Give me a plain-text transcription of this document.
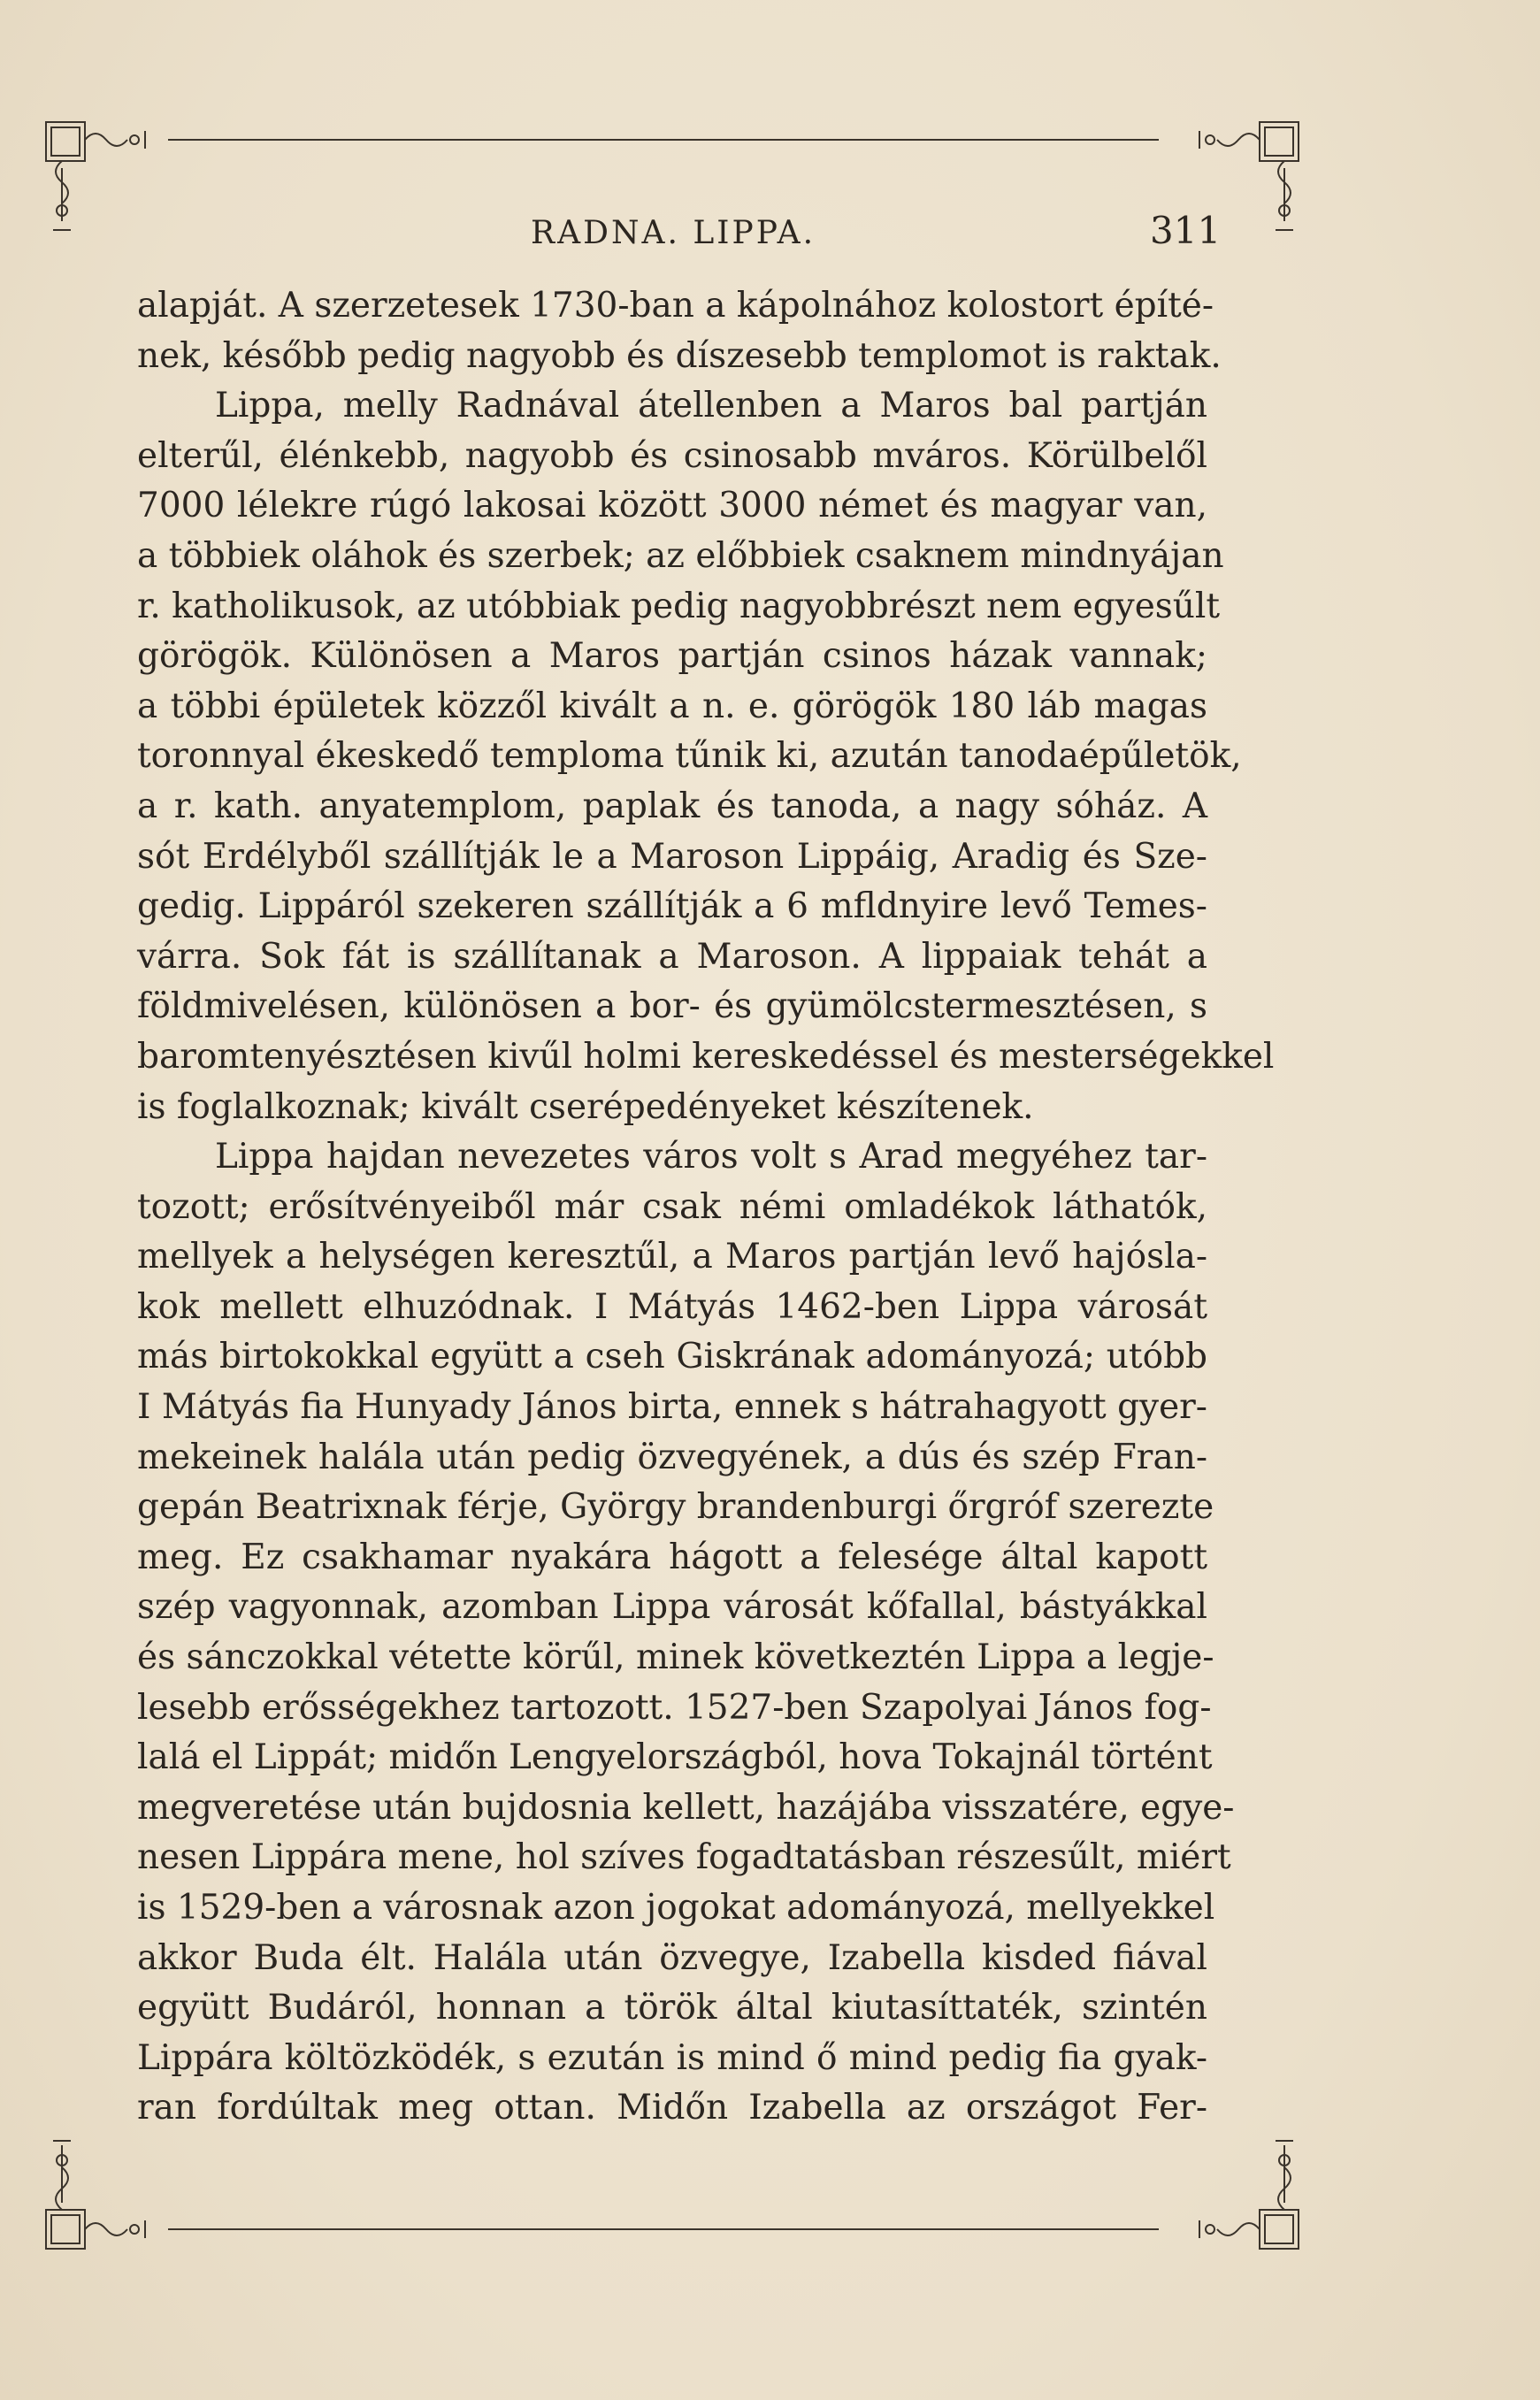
RADNA. LIPPA.	311
alapját. A szerzetesek 1730-ban a kápolnához kolostort építé-
nek, később pedig nagyobb és díszesebb templomot is raktak.
Lippa, melly Radnával átellenben a Maros bal partján
elterűl, élénkebb, nagyobb és csinosabb mváros. Körülbelől
7000 lélekre rúgó lakosai között 3000 német és magyar van,
a többiek oláhok és szerbek; az előbbiek csaknem mindnyájan
r. katholikusok, az utóbbiak pedig nagyobbrészt nem egyesűlt
görögök. Különösen a Maros partján csinos házak vannak;
a többi épületek közzől kivált a n. e. görögök 180 láb magas
toronnyal ékeskedő temploma tűnik ki, azután tanodaépűletök,
a r. kath. anyatemplom, paplak és tanoda, a nagy sóház. A
sót Erdélyből szállítják le a Maroson Lippáig, Aradig és Sze-
gedig. Lippáról szekeren szállítják a 6 mfldnyire levő Temes-
várra. Sok fát is szállítanak a Maroson. A lippaiak tehát a
földmivelésen, különösen a bor- és gyümölcstermesztésen, s
baromtenyésztésen kivűl holmi kereskedéssel és mesterségekkel
is foglalkoznak; kivált cserépedényeket készítenek.
Lippa hajdan nevezetes város volt s Arad megyéhez tar-
tozott; erősítvényeiből már csak némi omladékok láthatók,
mellyek a helységen keresztűl, a Maros partján levő hajósla-
kok mellett elhuzódnak. I Mátyás 1462-ben Lippa városát
más birtokokkal együtt a cseh Giskrának adományozá; utóbb
I Mátyás fia Hunyady János birta, ennek s hátrahagyott gyer-
mekeinek halála után pedig özvegyének, a dús és szép Fran-
gepán Beatrixnak férje, György brandenburgi őrgróf szerezte
meg. Ez csakhamar nyakára hágott a felesége által kapott
szép vagyonnak, azomban Lippa városát kőfallal, bástyákkal
és sánczokkal vétette körűl, minek következtén Lippa a legje-
lesebb erősségekhez tartozott. 1527-ben Szapolyai János fog-
lalá el Lippát; midőn Lengyelországból, hova Tokajnál történt
megveretése után bujdosnia kellett, hazájába visszatére, egye-
nesen Lippára mene, hol szíves fogadtatásban részesűlt, miért
is 1529-ben a városnak azon jogokat adományozá, mellyekkel
akkor Buda élt. Halála után özvegye, Izabella kisded fiával
együtt Budáról, honnan a török által kiutasíttaték, szintén
Lippára költözködék, s ezután is mind ő mind pedig fia gyak-
ran fordúltak meg ottan. Midőn Izabella az országot Fer-
